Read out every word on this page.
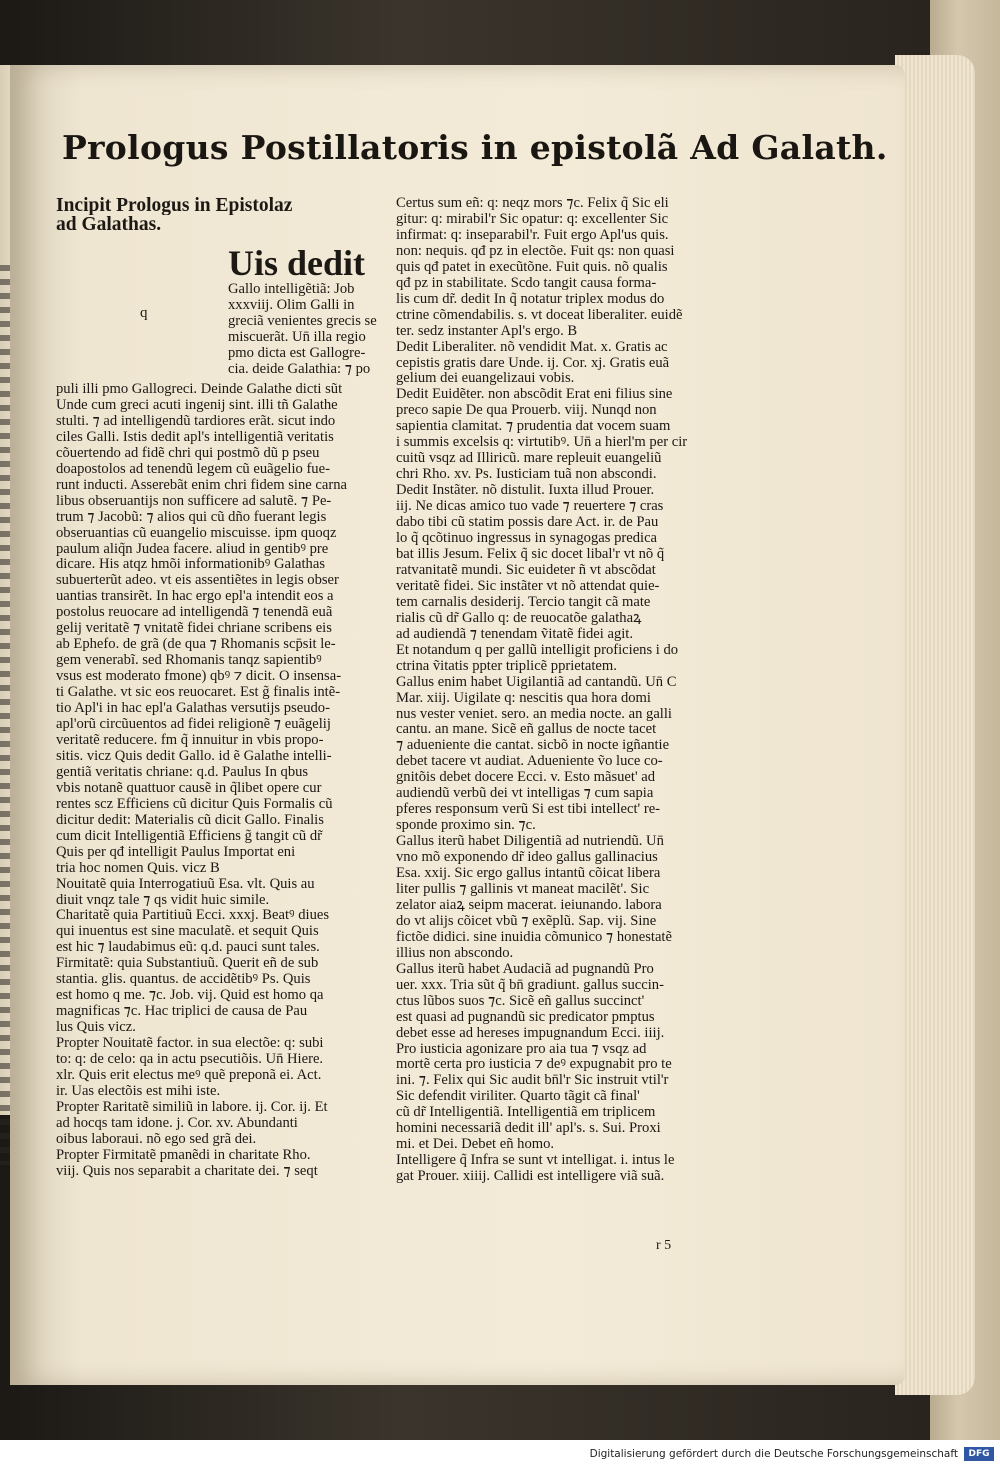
Prologus Postillatoris in epistolã Ad Galath.
Incipit Prologus in Epistolaz
ad Galathas.
q
Uis dedit
Gallo intelligẽtiã: Job
xxxviij. Olim Galli in
greciã venientes grecis se
miscuerãt. Un̄ illa regio
pmo dicta est Gallogre-
cia. deide Galathia: ⁊ po
puli illi pmo Gallogreci. Deinde Galathe dicti sũt
Unde cum greci acuti ingenij sint. illi tñ Galathe
stulti. ⁊ ad intelligendũ tardiores erãt. sicut indo
ciles Galli. Istis dedit apl's intelligentiã veritatis
cõuertendo ad fidẽ chri qui postmõ dũ p pseu
doapostolos ad tenendũ legem cũ euãgelio fue-
runt inducti. Asserebãt enim chri fidem sine carna
libus obseruantijs non sufficere ad salutẽ. ⁊ Pe-
trum ⁊ Jacobũ: ⁊ alios qui cũ dño fuerant legis
obseruantias cũ euangelio miscuisse. ipm quoqz
paulum aliq̃n Judea facere. aliud in gentibꝰ pre
dicare. His atqz hmõi informationibꝰ Galathas
subuerterũt adeo. vt eis assentiẽtes in legis obser
uantias transirẽt. In hac ergo epl'a intendit eos a
postolus reuocare ad intelligendã ⁊ tenendã euã
gelij veritatẽ ⁊ vnitatẽ fidei chriane scribens eis
ab Ephefo. de grã (de qua ⁊ Rhomanis scp̄sit le-
gem venerabĩ. sed Rhomanis tanqz sapientibꝰ
vsus est moderato fmone) qbꝰ ⁊ dicit. O insensa-
ti Galathe. vt sic eos reuocaret. Est g̃ finalis intẽ-
tio Apl'i in hac epl'a Galathas versutijs pseudo-
apl'orũ circũuentos ad fidei religionẽ ⁊ euãgelij
veritatẽ reducere. fm q̃ innuitur in vbis propo-
sitis. vicz Quis dedit Gallo. id ẽ Galathe intelli-
gentiã veritatis chriane: q.d. Paulus In qbus
vbis notanẽ quattuor causẽ in q̃libet opere cur
rentes scz Efficiens cũ dicitur Quis Formalis cũ
dicitur dedit: Materialis cũ dicit Gallo. Finalis
cum dicit Intelligentiã Efficiens g̃ tangit cũ dr̃
Quis per qđ intelligit Paulus Importat eni
tria hoc nomen Quis. vicz B
Nouitatẽ quia Interrogatiuũ Esa. vl̃t. Quis au
diuit vnqz tale ⁊ qs vidit huic simile.
Charitatẽ quia Partitiuũ Ecci. xxxj. Beatꝰ diues
qui inuentus est sine maculatẽ. et sequit Quis
est hic ⁊ laudabimus eũ: q.d. pauci sunt tales.
Firmitatẽ: quia Substantiuũ. Querit eñ de sub
stantia. glis. quantus. de accidẽtibꝰ Ps. Quis
est homo q me. ⁊c. Job. vij. Quid est homo qa
magnificas ⁊c. Hac triplici de causa de Pau
lus Quis vicz.
Propter Nouitatẽ factor. in sua electõe: q: subi
to: q: de celo: qa in actu psecutiõis. Un̄ Hiere.
xlr. Quis erit electus meꝰ quẽ preponã ei. Act.
ir. Uas electõis est mihi iste.
Propter Raritatẽ similiũ in labore. ij. Cor. ij. Et
ad hocqs tam idone. j. Cor. xv. Abundanti
oibus laboraui. nõ ego sed grã dei.
Propter Firmitatẽ pmanẽdi in charitate Rho.
viij. Quis nos separabit a charitate dei. ⁊ seqt
Certus sum eñ: q: neqz mors ⁊c. Felix q̃ Sic eli
gitur: q: mirabil'r Sic opatur: q: excellenter Sic
infirmat: q: inseparabil'r. Fuit ergo Apl'us quis.
non: nequis. qđ pz in electõe. Fuit qs: non quasi
quis qđ patet in execũtõne. Fuit quis. nõ qualis
qđ pz in stabilitate. Scdo tangit causa forma-
lis cum dr̃. dedit In q̃ notatur triplex modus do
ctrine cõmendabilis. s. vt doceat liberaliter. euidẽ
ter. sedz instanter Apl's ergo. B
Dedit Liberaliter. nõ vendidit Mat. x. Gratis ac
cepistis gratis dare Unde. ij. Cor. xj. Gratis euã
gelium dei euangelizaui vobis.
Dedit Euidẽter. non abscõdit Erat eni filius sine
preco sapie De qua Prouerb. viij. Nunqd non
sapientia clamitat. ⁊ prudentia dat vocem suam
i summis excelsis q: virtutibꝰ. Un̄ a hierl'm per cir
cuitũ vsqz ad Illiricũ. mare repleuit euangeliũ
chri Rho. xv. Ps. Iusticiam tuã non abscondi.
Dedit Instãter. nõ distulit. Iuxta illud Prouer.
iij. Ne dicas amico tuo vade ⁊ reuertere ⁊ cras
dabo tibi cũ statim possis dare Act. ir. de Pau
lo q̃ qcõtinuo ingressus in synagogas predica
bat illis Jesum. Felix q̃ sic docet libal'r vt nõ q̃
ratvanitatẽ mundi. Sic euideter ñ vt abscõdat
veritatẽ fidei. Sic instãter vt nõ attendat quie-
tem carnalis desiderij. Tercio tangit cã mate
rialis cũ dr̃ Gallo q: de reuocatõe galathaꝝ
ad audiendã ⁊ tenendam ṽitatẽ fidei agit.
Et notandum q per gallũ intelligit proficiens i do
ctrina ṽitatis ppter triplicẽ pprietatem.
Gallus enim habet Uigilantiã ad cantandũ. Un̄ C
Mar. xiij. Uigilate q: nescitis qua hora domi
nus vester veniet. sero. an media nocte. an galli
cantu. an mane. Sicẽ eñ gallus de nocte tacet
⁊ adueniente die cantat. sicbõ in nocte igñantie
debet tacere vt audiat. Adueniente ṽo luce co-
gnitõis debet docere Ecci. v. Esto mãsuet' ad
audiendũ verbũ dei vt intelligas ⁊ cum sapia
pferes responsum verũ Si est tibi intellect' re-
sponde proximo sin. ⁊c.
Gallus iterũ habet Diligentiã ad nutriendũ. Un̄
vno mõ exponendo dr̃ ideo gallus gallinacius
Esa. xxij. Sic ergo gallus intantũ cõicat libera
liter pullis ⁊ gallinis vt maneat macilẽt'. Sic
zelator aiaꝝ seipm macerat. ieiunando. labora
do vt alijs cõicet vbũ ⁊ exẽplũ. Sap. vij. Sine
fictõe didici. sine inuidia cõmunico ⁊ honestatẽ
illius non abscondo.
Gallus iterũ habet Audaciã ad pugnandũ Pro
uer. xxx. Tria sũt q̃ bn̄ gradiunt. gallus succin-
ctus lũbos suos ⁊c. Sicẽ eñ gallus succinct'
est quasi ad pugnandũ sic predicator pmptus
debet esse ad hereses impugnandum Ecci. iiij.
Pro iusticia agonizare pro aia tua ⁊ vsqz ad
mortẽ certa pro iusticia ⁊ deꝰ expugnabit pro te
ini. ⁊. Felix qui Sic audit bn̄l'r Sic instruit vtil'r
Sic defendit viriliter. Quarto tãgit cã final'
cũ dr̃ Intelligentiã. Intelligentiã em triplicem
homini necessariã dedit ill' apl's. s. Sui. Proxi
mi. et Dei. Debet eñ homo.
Intelligere q̃ Infra se sunt vt intelligat. i. intus le
gat Prouer. xiiij. Callidi est intelligere viã suã.
r 5
Digitalisierung gefördert durch die Deutsche Forschungsgemeinschaft	DFG
